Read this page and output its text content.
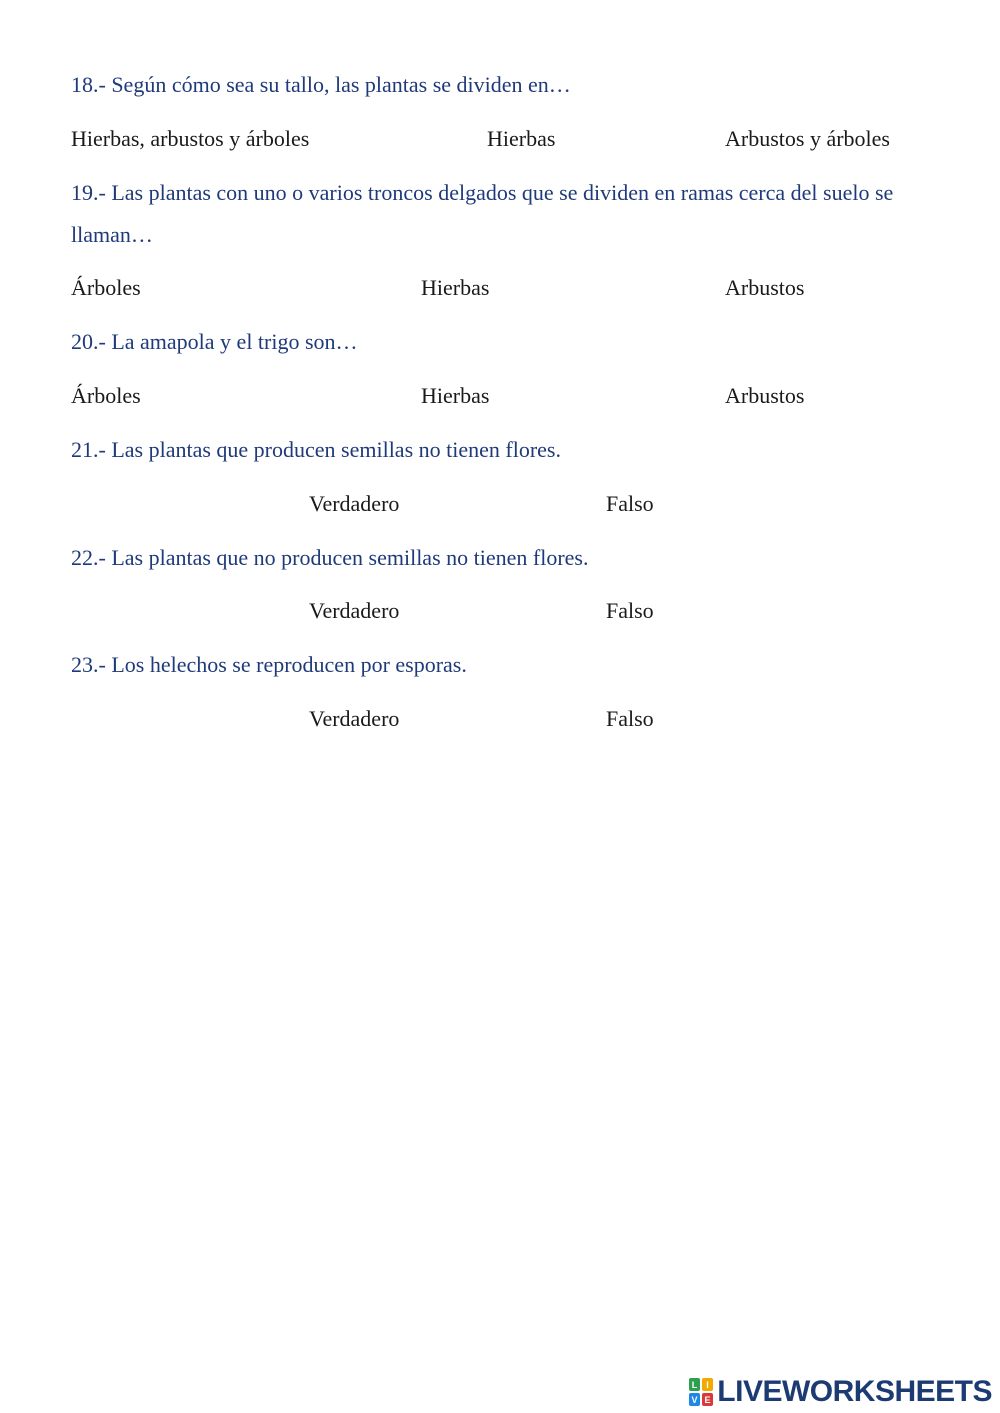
18.- Según cómo sea su tallo, las plantas se dividen en…
Hierbas, arbustos y árboles	Hierbas	Arbustos y árboles
19.- Las plantas con uno o varios troncos delgados que se dividen en ramas cerca del suelo se llaman…
Árboles	Hierbas	Arbustos
20.- La amapola y el trigo son…
Árboles	Hierbas	Arbustos
21.- Las plantas que producen semillas no tienen flores.
Verdadero	Falso
22.- Las plantas que no producen semillas no tienen flores.
Verdadero	Falso
23.- Los helechos se reproducen por esporas.
Verdadero	Falso
L I
V E LIVEWORKSHEETS
